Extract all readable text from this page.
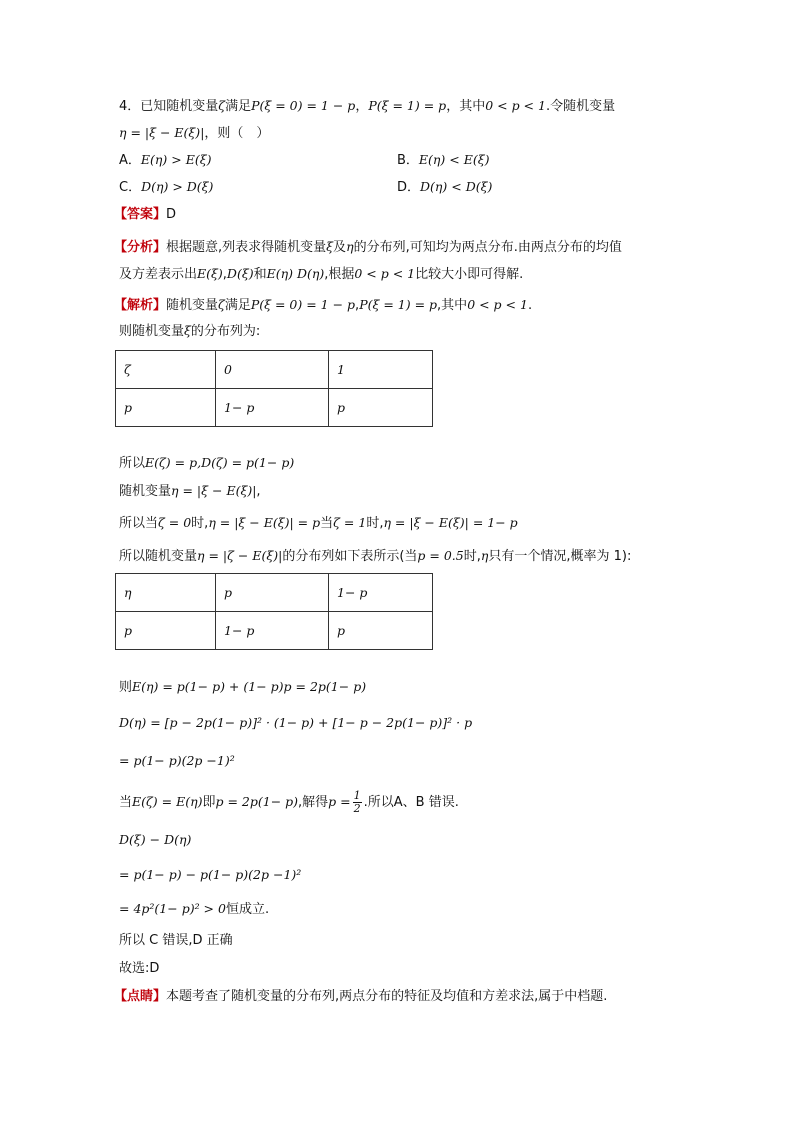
4．已知随机变量ζ满足P(ξ = 0) = 1 − p，P(ξ = 1) = p，其中0 < p < 1.令随机变量
η = |ξ − E(ξ)|，则（　）
A．E(η) > E(ξ)	B．E(η) < E(ξ)
C．D(η) > D(ξ)	D．D(η) < D(ξ)
【答案】D
【分析】根据题意,列表求得随机变量ξ及η的分布列,可知均为两点分布.由两点分布的均值
及方差表示出E(ξ),D(ξ)和E(η) D(η),根据0 < p < 1比较大小即可得解.
【解析】随机变量ζ满足P(ξ = 0) = 1 − p,P(ξ = 1) = p,其中0 < p < 1.
则随机变量ξ的分布列为:
ζ	0	1
p	1− p	p
所以E(ζ) = p,D(ζ) = p(1− p)
随机变量η = |ξ − E(ξ)|,
所以当ζ = 0时,η = |ξ − E(ξ)| = p当ζ = 1时,η = |ξ − E(ξ)| = 1− p
所以随机变量η = |ζ − E(ξ)|的分布列如下表所示(当p = 0.5时,η只有一个情况,概率为 1):
η	p	1− p
p	1− p	p
则E(η) = p(1− p) + (1− p)p = 2p(1− p)
D(η) = [p − 2p(1− p)]² · (1− p) + [1− p − 2p(1− p)]² · p
= p(1− p)(2p −1)²
当E(ζ) = E(η)即p = 2p(1− p),解得$p = \frac{1}{2}$ .所以A、B 错误.
D(ξ) − D(η)
= p(1− p) − p(1− p)(2p −1)²
= 4p²(1− p)² > 0恒成立.
所以 C 错误,D 正确
故选:D
【点睛】本题考查了随机变量的分布列,两点分布的特征及均值和方差求法,属于中档题.
